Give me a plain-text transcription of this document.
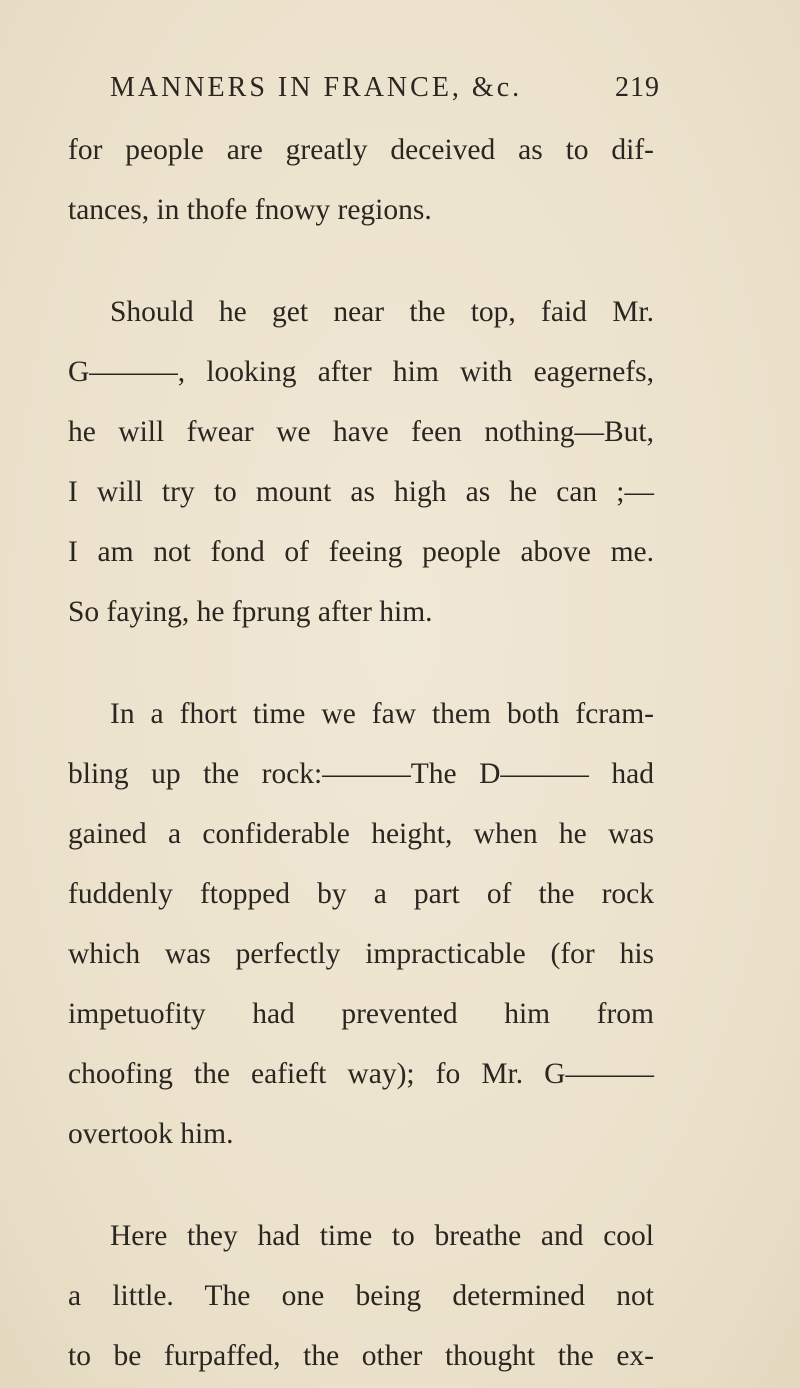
MANNERS IN FRANCE, &c.	219
for people are greatly deceived as to dif-
tances, in thofe fnowy regions.
Should he get near the top, faid Mr.
G———, looking after him with eagernefs,
he will fwear we have feen nothing—But,
I will try to mount as high as he can ;—
I am not fond of feeing people above me.
So faying, he fprung after him.
In a fhort time we faw them both fcram-
bling up the rock:———The D——— had
gained a confiderable height, when he was
fuddenly ftopped by a part of the rock
which was perfectly impracticable (for his
impetuofity had prevented him from
choofing the eafieft way); fo Mr. G———
overtook him.
Here they had time to breathe and cool
a little. The one being determined not
to be furpaffed, the other thought the ex-
